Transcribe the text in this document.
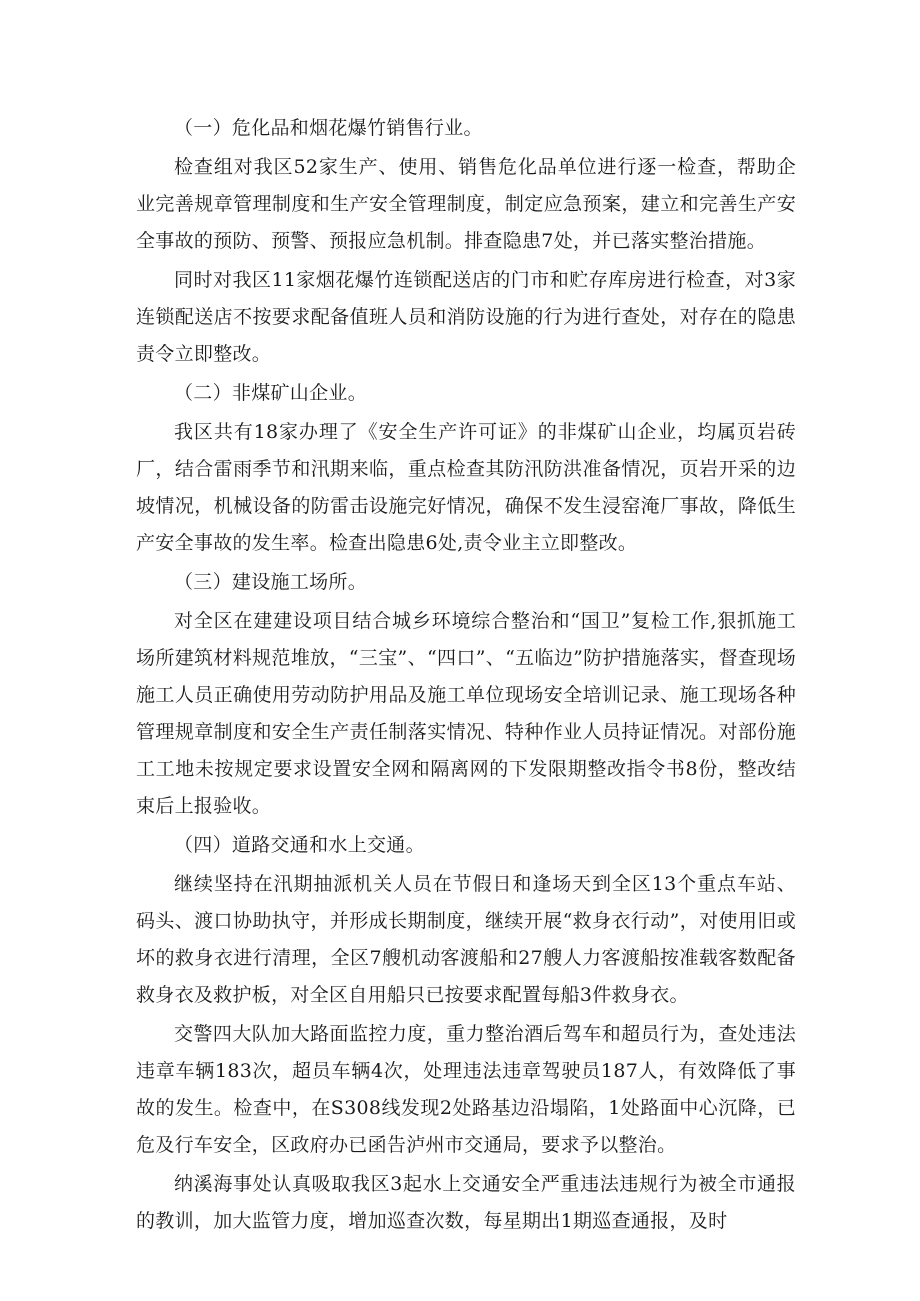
（一）危化品和烟花爆竹销售行业。

检查组对我区52家生产、使用、销售危化品单位进行逐一检查，帮助企业完善规章管理制度和生产安全管理制度，制定应急预案，建立和完善生产安全事故的预防、预警、预报应急机制。排查隐患7处，并已落实整治措施。

同时对我区11家烟花爆竹连锁配送店的门市和贮存库房进行检查，对3家连锁配送店不按要求配备值班人员和消防设施的行为进行查处，对存在的隐患责令立即整改。

（二）非煤矿山企业。

我区共有18家办理了《安全生产许可证》的非煤矿山企业，均属页岩砖厂，结合雷雨季节和汛期来临，重点检查其防汛防洪准备情况，页岩开采的边坡情况，机械设备的防雷击设施完好情况，确保不发生浸窑淹厂事故，降低生产安全事故的发生率。检查出隐患6处,责令业主立即整改。

（三）建设施工场所。

对全区在建建设项目结合城乡环境综合整治和“国卫”复检工作,狠抓施工场所建筑材料规范堆放，“三宝”、“四口”、“五临边”防护措施落实，督查现场施工人员正确使用劳动防护用品及施工单位现场安全培训记录、施工现场各种管理规章制度和安全生产责任制落实情况、特种作业人员持证情况。对部份施工工地未按规定要求设置安全网和隔离网的下发限期整改指令书8份，整改结束后上报验收。

（四）道路交通和水上交通。

继续坚持在汛期抽派机关人员在节假日和逢场天到全区13个重点车站、码头、渡口协助执守，并形成长期制度，继续开展“救身衣行动”，对使用旧或坏的救身衣进行清理，全区7艘机动客渡船和27艘人力客渡船按准载客数配备救身衣及救护板，对全区自用船只已按要求配置每船3件救身衣。

交警四大队加大路面监控力度，重力整治酒后驾车和超员行为，查处违法违章车辆183次，超员车辆4次，处理违法违章驾驶员187人，有效降低了事故的发生。检查中，在S308线发现2处路基边沿塌陷，1处路面中心沉降，已危及行车安全，区政府办已函告泸州市交通局，要求予以整治。

纳溪海事处认真吸取我区3起水上交通安全严重违法违规行为被全市通报的教训，加大监管力度，增加巡查次数，每星期出1期巡查通报，及时
